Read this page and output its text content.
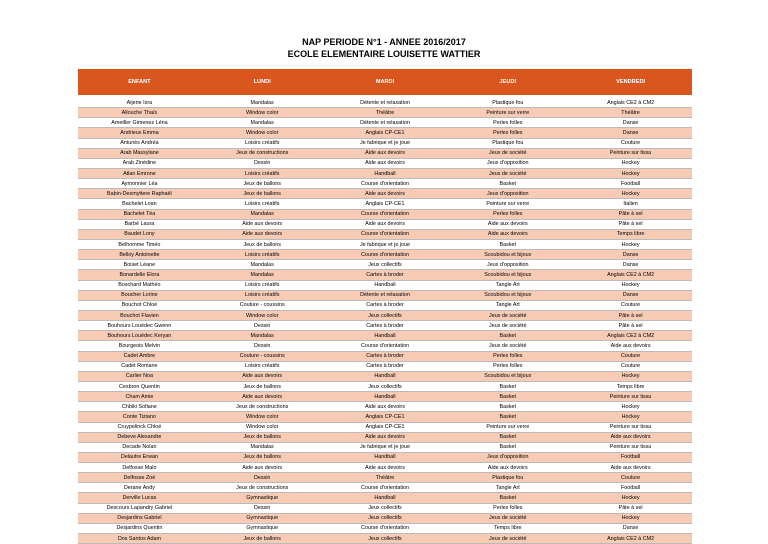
NAP PERIODE N°1 - ANNEE 2016/2017
ECOLE ELEMENTAIRE LOUISETTE WATTIER
ENFANT	LUNDI	MARDI	JEUDI	VENDREDI

Aijene Isra	Mandalas	Détente et relaxation	Plastique fou	Anglais CE2 à CM2
Allouche Thaïs	Window color	Théâtre	Peinture sur verre	Théâtre
Ametller Gimenez Léna	Mandalas	Détente et relaxation	Perles folles	Danse
Andrieux Emma	Window color	Anglais CP-CE1	Perles folles	Danse
Antunès Andréa	Loisirs créatifs	Je fabrique et je joue	Plastique fou	Couture
Arab Massylane	Jeux de constructions	Aide aux devoirs	Jeux de société	Peinture sur tissu
Arab Zinédine	Dessin	Aide aux devoirs	Jeux d'opposition	Hockey
Atlan Emrone	Loisirs créatifs	Handball	Jeux de société	Hockey
Aymonnier Léa	Jeux de ballons	Course d'orientation	Basket	Football
Babin-Desmyttere Raphaël	Jeux de ballons	Aide aux devoirs	Jeux d'opposition	Hockey
Bachelet Loan	Loisirs créatifs	Anglais CP-CE1	Peinture sur verre	Italien
Bachelet Téa	Mandalas	Course d'orientation	Perles folles	Pâte à sel
Barbé Laura	Aide aux devoirs	Aide aux devoirs	Aide aux devoirs	Pâte à sel
Baudet Lony	Aide aux devoirs	Course d'orientation	Aide aux devoirs	Temps libre
Belhomme Timéo	Jeux de ballons	Je fabrique et je joue	Basket	Hockey
Belloy Antoinette	Loisirs créatifs	Course d'orientation	Scoubidou et bijoux	Danse
Boiset Léane	Mandalas	Jeux collectifs	Jeux d'opposition	Danse
Bonardelle Elora	Mandalas	Cartes à broder	Scoubidou et bijoux	Anglais CE2 à CM2
Boschard Mathéo	Loisirs créatifs	Handball	Tangle Art	Hockey
Boucher Lorine	Loisirs créatifs	Détente et relaxation	Scoubidou et bijoux	Danse
Bouchot Chloé	Couture - coussins	Cartes à broder	Tangle Art	Couture
Bouchot Flavien	Window color	Jeux collectifs	Jeux de société	Pâte à sel
Bouhours Louédec Gwenn	Dessin	Cartes à broder	Jeux de société	Pâte à sel
Bouhours Louédec Keryan	Mandalas	Handball	Basket	Anglais CE2 à CM2
Bourgeois Melvin	Dessin	Course d'orientation	Jeux de société	Aide aux devoirs
Cadet Ambre	Couture - coussins	Cartes à broder	Perles folles	Couture
Cadet Romane	Loisirs créatifs	Cartes à broder	Perles folles	Couture
Carlier Noa	Aide aux devoirs	Handball	Scoubidou et bijoux	Hockey
Cesbron Quentin	Jeux de ballons	Jeux collectifs	Basket	Temps libre
Cham Amie	Aide aux devoirs	Handball	Basket	Peinture sur tissu
Chbiki Sofiane	Jeux de constructions	Aide aux devoirs	Basket	Hockey
Conte Tiziano	Window color	Anglais CP-CE1	Basket	Hockey
Cruypelinck Chloé	Window color	Anglais CP-CE1	Peinture sur verre	Peinture sur tissu
Debeve Alexandre	Jeux de ballons	Aide aux devoirs	Basket	Aide aux devoirs
Decade Nolan	Mandalas	Je fabrique et je joue	Basket	Peinture sur tissu
Delautre Erwan	Jeux de ballons	Handball	Jeux d'opposition	Football
Delfosse Malo	Aide aux devoirs	Aide aux devoirs	Aide aux devoirs	Aide aux devoirs
Delfosse Zoé	Dessin	Théâtre	Plastique fou	Couture
Derane Andy	Jeux de constructions	Course d'orientation	Tangle Art	Football
Derville Lucas	Gymnastique	Handball	Basket	Hockey
Descours Lapandry Gabriel	Dessin	Jeux collectifs	Perles folles	Pâte à sel
Desjardins Gabriel	Gymnastique	Jeux collectifs	Jeux de société	Hockey
Desjardins Quentin	Gymnastique	Course d'orientation	Temps libre	Danse
Dos Santos Adam	Jeux de ballons	Jeux collectifs	Jeux de société	Anglais CE2 à CM2
